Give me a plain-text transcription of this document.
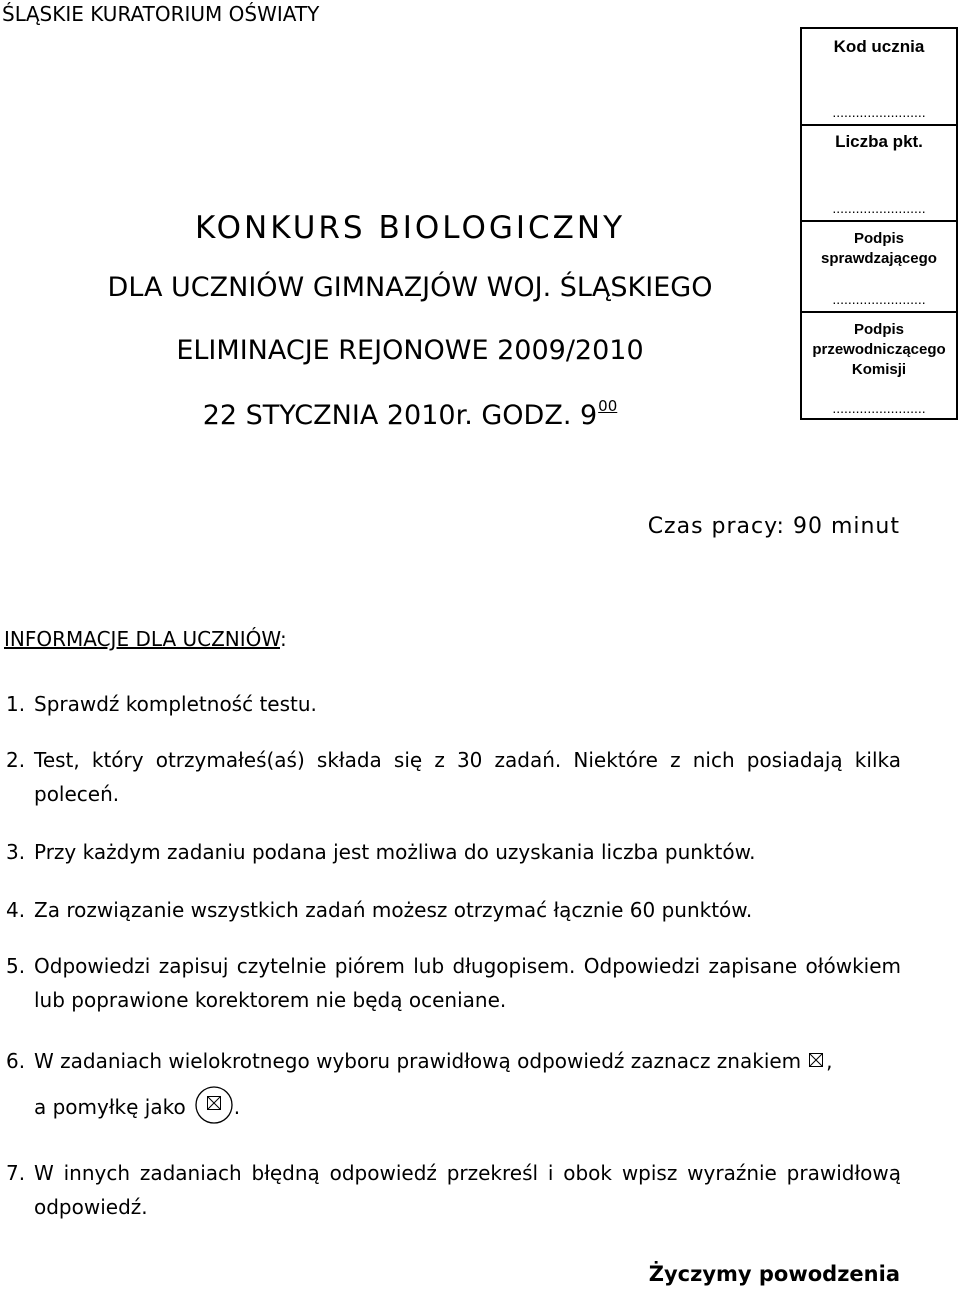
ŚLĄSKIE KURATORIUM OŚWIATY
Kod ucznia
........................
Liczba pkt.
........................
Podpis
sprawdzającego
........................
Podpis
przewodniczącego
Komisji
........................
KONKURS BIOLOGICZNY
DLA UCZNIÓW GIMNAZJÓW WOJ. ŚLĄSKIEGO
ELIMINACJE REJONOWE 2009/2010
22 STYCZNIA 2010r. GODZ. $9^{00}$
Czas pracy: 90 minut
INFORMACJE DLA UCZNIÓW:
1. Sprawdź kompletność testu.
2. Test, który otrzymałeś(aś) składa się z 30 zadań. Niektóre z nich posiadają kilka poleceń.
3. Przy każdym zadaniu podana jest możliwa do uzyskania liczba punktów.
4. Za rozwiązanie wszystkich zadań możesz otrzymać łącznie 60 punktów.
5. Odpowiedzi zapisuj czytelnie piórem lub długopisem. Odpowiedzi zapisane ołówkiem lub poprawione korektorem nie będą oceniane.
6. W zadaniach wielokrotnego wyboru prawidłową odpowiedź zaznacz znakiem ☒ ,
a pomyłkę jako .
7. W innych zadaniach błędną odpowiedź przekreśl i obok wpisz wyraźnie prawidłową odpowiedź.
Życzymy powodzenia
